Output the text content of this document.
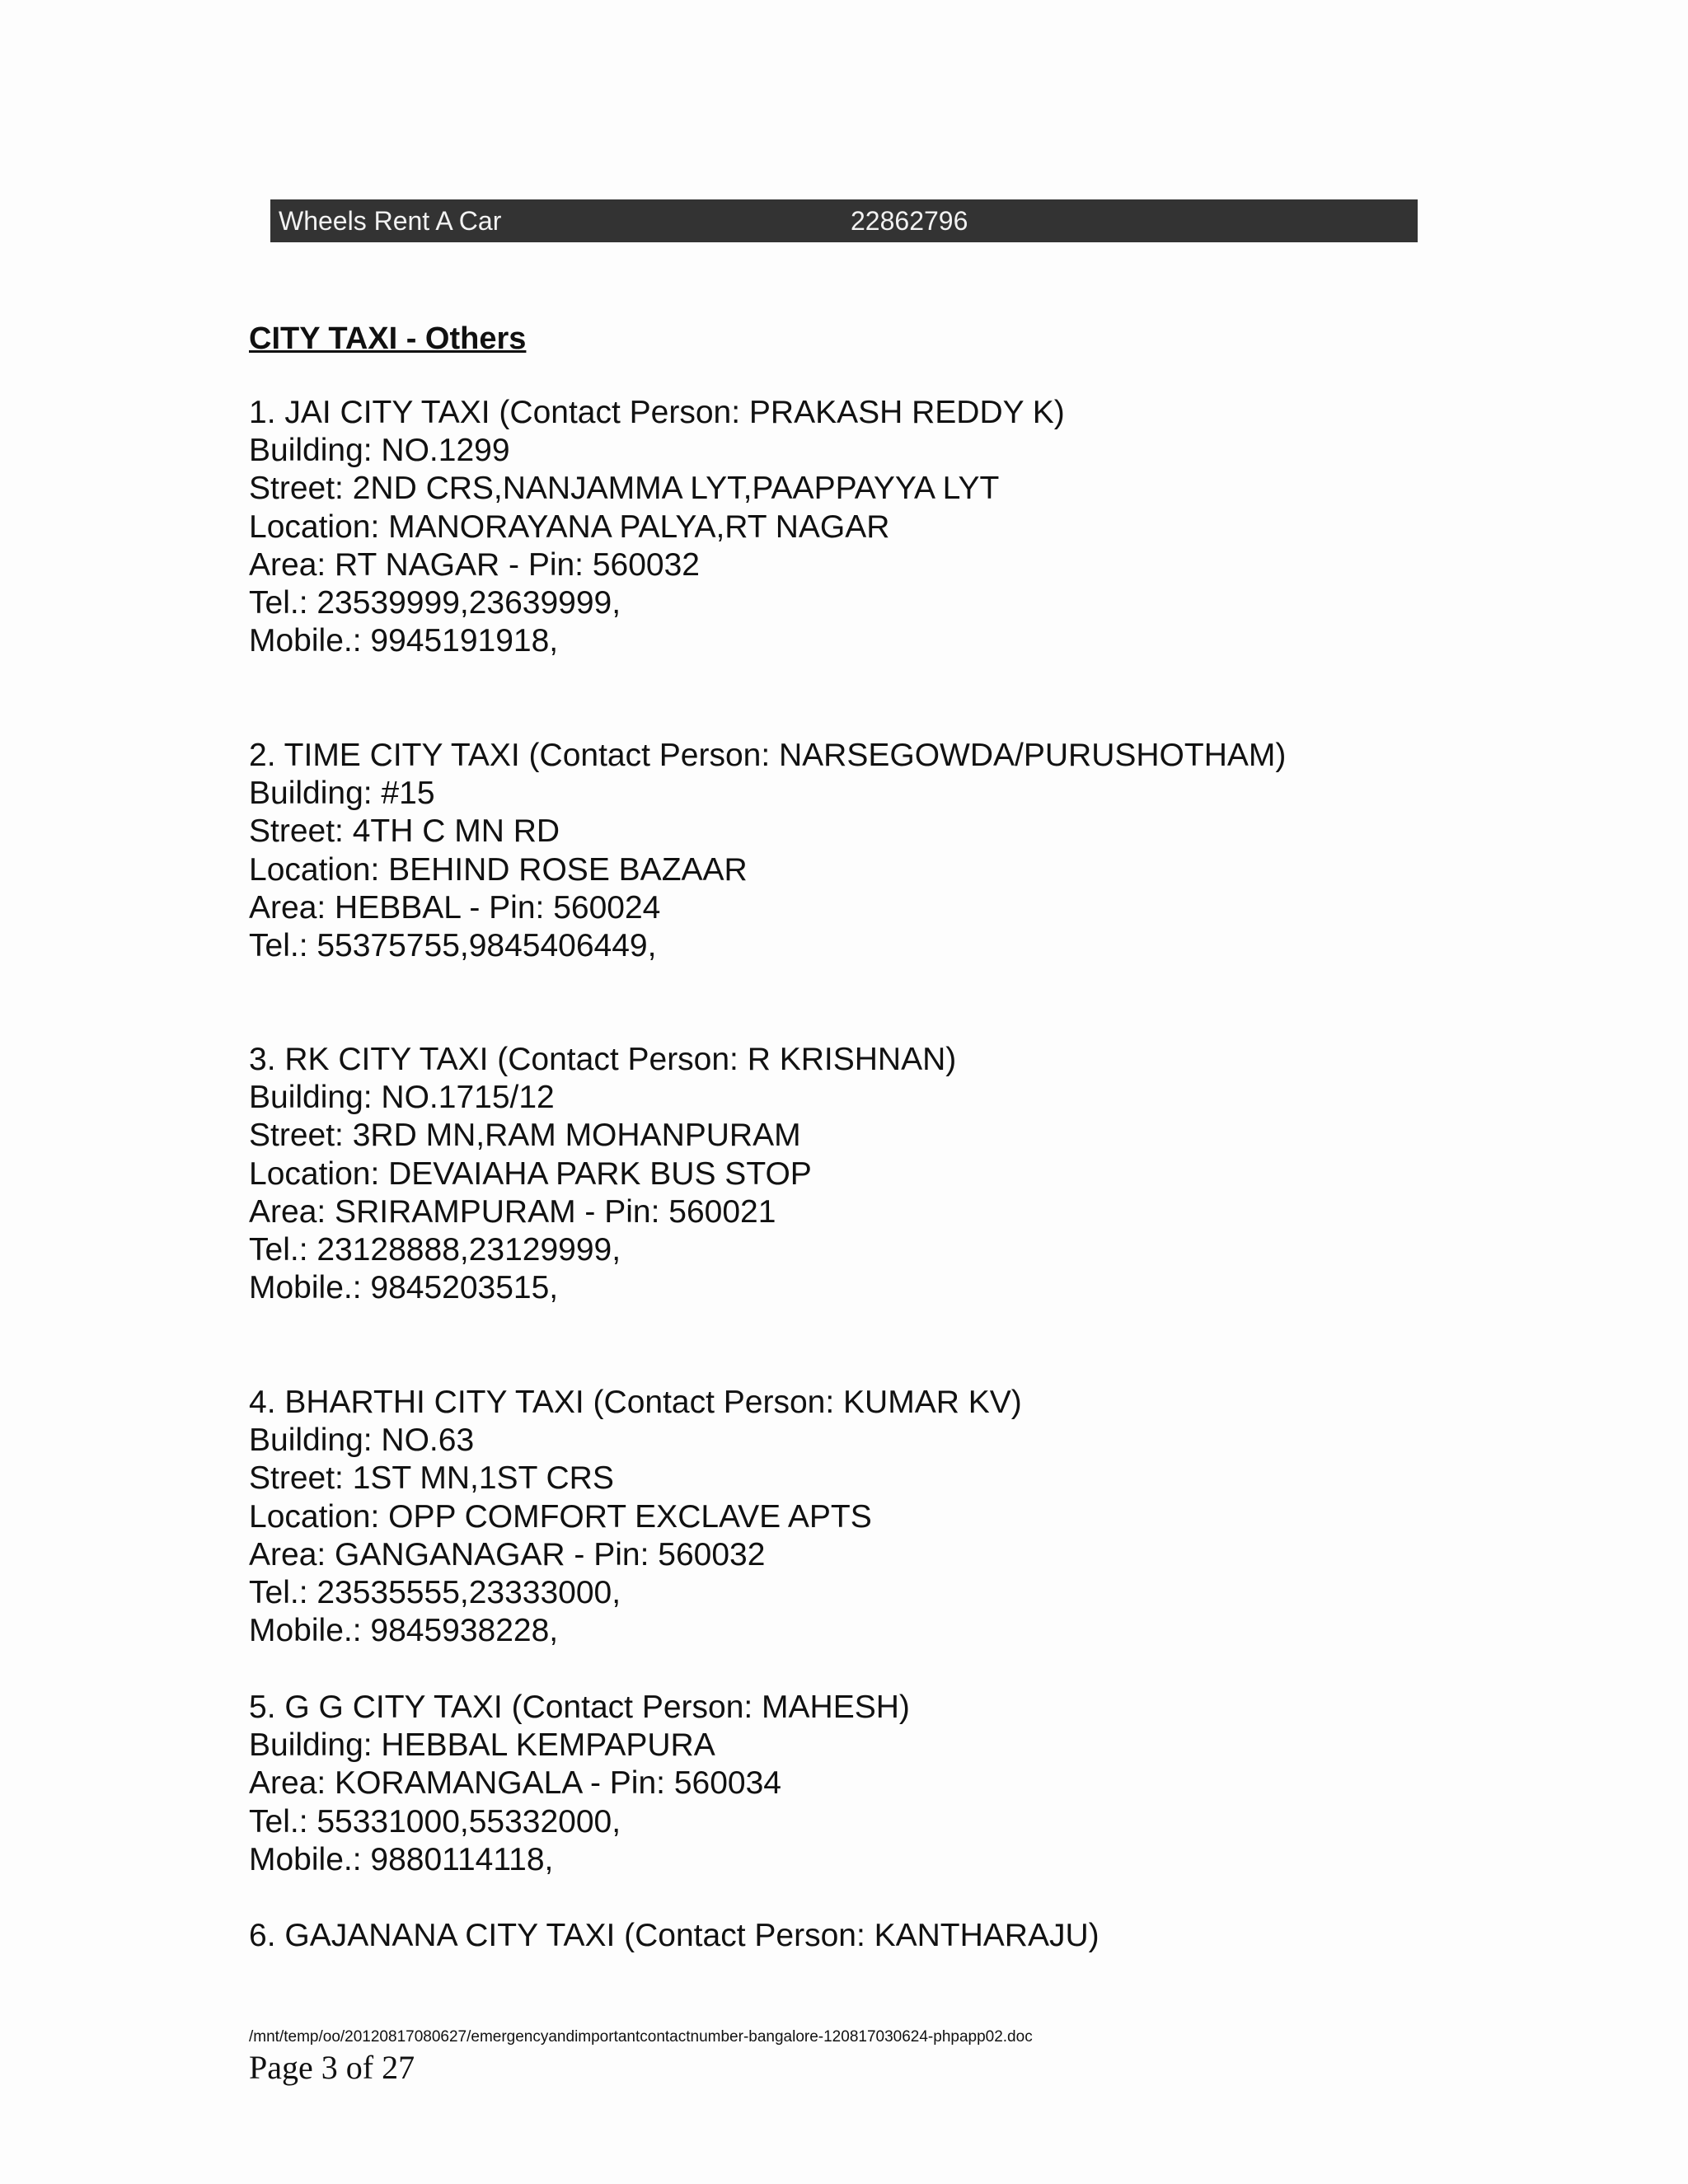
Wheels Rent A Car	22862796
CITY TAXI - Others
1. JAI CITY TAXI (Contact Person: PRAKASH REDDY K)
Building: NO.1299
Street: 2ND CRS,NANJAMMA LYT,PAAPPAYYA LYT
Location: MANORAYANA PALYA,RT NAGAR
Area: RT NAGAR - Pin: 560032
Tel.: 23539999,23639999,
Mobile.: 9945191918,
2. TIME CITY TAXI (Contact Person: NARSEGOWDA/PURUSHOTHAM)
Building: #15
Street: 4TH C MN RD
Location: BEHIND ROSE BAZAAR
Area: HEBBAL - Pin: 560024
Tel.: 55375755,9845406449,
3. RK CITY TAXI (Contact Person: R KRISHNAN)
Building: NO.1715/12
Street: 3RD MN,RAM MOHANPURAM
Location: DEVAIAHA PARK BUS STOP
Area: SRIRAMPURAM - Pin: 560021
Tel.: 23128888,23129999,
Mobile.: 9845203515,
4. BHARTHI CITY TAXI (Contact Person: KUMAR KV)
Building: NO.63
Street: 1ST MN,1ST CRS
Location: OPP COMFORT EXCLAVE APTS
Area: GANGANAGAR - Pin: 560032
Tel.: 23535555,23333000,
Mobile.: 9845938228,
5. G G CITY TAXI (Contact Person: MAHESH)
Building: HEBBAL KEMPAPURA
Area: KORAMANGALA - Pin: 560034
Tel.: 55331000,55332000,
Mobile.: 9880114118,
6. GAJANANA CITY TAXI (Contact Person: KANTHARAJU)
/mnt/temp/oo/20120817080627/emergencyandimportantcontactnumber-bangalore-120817030624-phpapp02.doc
Page 3 of 27
